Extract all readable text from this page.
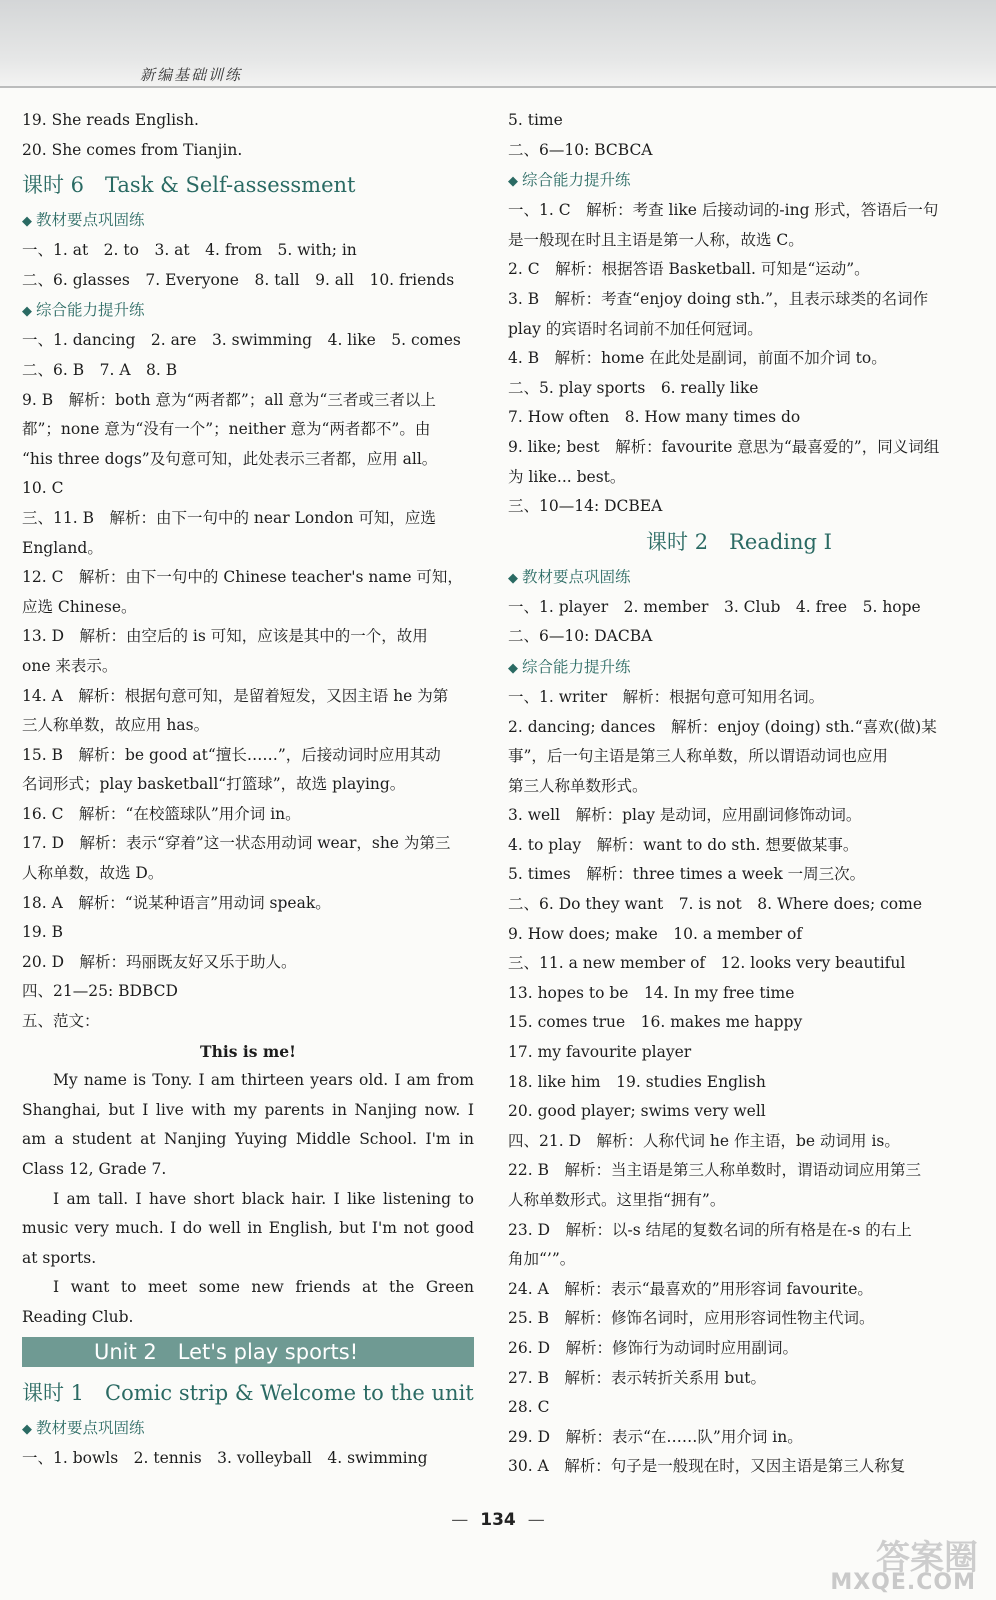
新编基础训练
19. She reads English.
20. She comes from Tianjin.
课时 6　Task & Self-assessment
◆ 教材要点巩固练
一、1. at　2. to　3. at　4. from　5. with; in
二、6. glasses　7. Everyone　8. tall　9. all　10. friends
◆ 综合能力提升练
一、1. dancing　2. are　3. swimming　4. like　5. comes
二、6. B　7. A　8. B
9. B　解析：both 意为“两者都”；all 意为“三者或三者以上
都”；none 意为“没有一个”；neither 意为“两者都不”。由
“his three dogs”及句意可知，此处表示三者都，应用 all。
10. C
三、11. B　解析：由下一句中的 near London 可知，应选
England。
12. C　解析：由下一句中的 Chinese teacher's name 可知，
应选 Chinese。
13. D　解析：由空后的 is 可知，应该是其中的一个，故用
one 来表示。
14. A　解析：根据句意可知，是留着短发，又因主语 he 为第
三人称单数，故应用 has。
15. B　解析：be good at“擅长……”，后接动词时应用其动
名词形式；play basketball“打篮球”，故选 playing。
16. C　解析：“在校篮球队”用介词 in。
17. D　解析：表示“穿着”这一状态用动词 wear，she 为第三
人称单数，故选 D。
18. A　解析：“说某种语言”用动词 speak。
19. B
20. D　解析：玛丽既友好又乐于助人。
四、21—25: BDBCD
五、范文：
This is me!
My name is Tony. I am thirteen years old. I am from Shanghai, but I live with my parents in Nanjing now. I am a student at Nanjing Yuying Middle School. I'm in Class 12, Grade 7.
I am tall. I have short black hair. I like listening to music very much. I do well in English, but I'm not good at sports.
I want to meet some new friends at the Green Reading Club.
Unit 2　Let's play sports!
课时 1　Comic strip & Welcome to the unit
◆ 教材要点巩固练
一、1. bowls　2. tennis　3. volleyball　4. swimming
5. time
二、6—10: BCBCA
◆ 综合能力提升练
一、1. C　解析：考查 like 后接动词的-ing 形式，答语后一句
是一般现在时且主语是第一人称，故选 C。
2. C　解析：根据答语 Basketball. 可知是“运动”。
3. B　解析：考查“enjoy doing sth.”，且表示球类的名词作
play 的宾语时名词前不加任何冠词。
4. B　解析：home 在此处是副词，前面不加介词 to。
二、5. play sports　6. really like
7. How often　8. How many times do
9. like; best　解析：favourite 意思为“最喜爱的”，同义词组
为 like... best。
三、10—14: DCBEA
课时 2　Reading Ⅰ
◆ 教材要点巩固练
一、1. player　2. member　3. Club　4. free　5. hope
二、6—10: DACBA
◆ 综合能力提升练
一、1. writer　解析：根据句意可知用名词。
2. dancing; dances　解析：enjoy (doing) sth.“喜欢(做)某
事”，后一句主语是第三人称单数，所以谓语动词也应用
第三人称单数形式。
3. well　解析：play 是动词，应用副词修饰动词。
4. to play　解析：want to do sth. 想要做某事。
5. times　解析：three times a week 一周三次。
二、6. Do they want　7. is not　8. Where does; come
9. How does; make　10. a member of
三、11. a new member of　12. looks very beautiful
13. hopes to be　14. In my free time
15. comes true　16. makes me happy
17. my favourite player
18. like him　19. studies English
20. good player; swims very well
四、21. D　解析：人称代词 he 作主语，be 动词用 is。
22. B　解析：当主语是第三人称单数时，谓语动词应用第三
人称单数形式。这里指“拥有”。
23. D　解析：以-s 结尾的复数名词的所有格是在-s 的右上
角加“’”。
24. A　解析：表示“最喜欢的”用形容词 favourite。
25. B　解析：修饰名词时，应用形容词性物主代词。
26. D　解析：修饰行为动词时应用副词。
27. B　解析：表示转折关系用 but。
28. C
29. D　解析：表示“在……队”用介词 in。
30. A　解析：句子是一般现在时，又因主语是第三人称复
— 134 —
答案圈
MXQE.COM
